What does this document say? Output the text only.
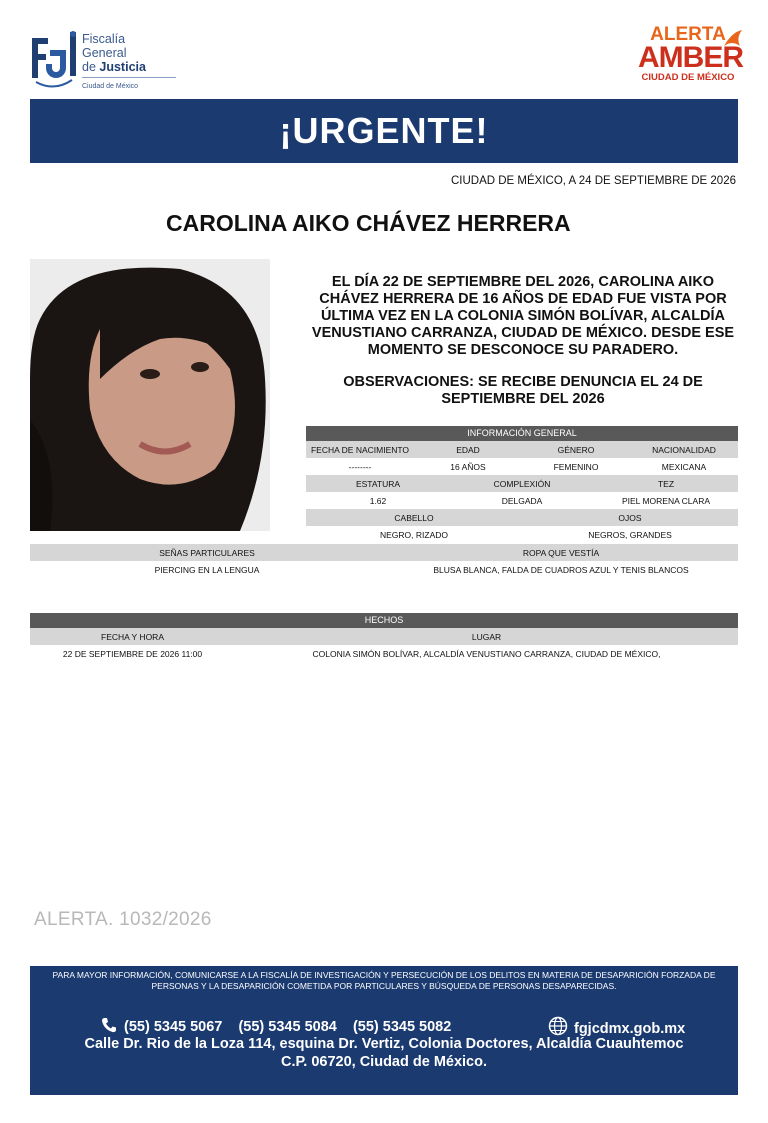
Fiscalía
General
de Justicia
Ciudad de México
ALERTA
AMBER
CIUDAD DE MÉXICO
¡URGENTE!
CIUDAD DE MÉXICO, A 24 DE SEPTIEMBRE DE 2026
CAROLINA AIKO CHÁVEZ HERRERA
EL DÍA 22 DE SEPTIEMBRE DEL 2026, CAROLINA AIKO CHÁVEZ HERRERA DE 16 AÑOS DE EDAD FUE VISTA POR ÚLTIMA VEZ EN LA COLONIA SIMÓN BOLÍVAR, ALCALDÍA VENUSTIANO CARRANZA, CIUDAD DE MÉXICO. DESDE ESE MOMENTO SE DESCONOCE SU PARADERO.
OBSERVACIONES: SE RECIBE DENUNCIA EL 24 DE SEPTIEMBRE DEL 2026
INFORMACIÓN GENERAL
FECHA DE NACIMIENTO	EDAD	GÉNERO	NACIONALIDAD
--------	16 AÑOS	FEMENINO	MEXICANA
ESTATURA	COMPLEXIÓN	TEZ
1.62	DELGADA	PIEL MORENA CLARA
CABELLO	OJOS
NEGRO, RIZADO	NEGROS, GRANDES
SEÑAS PARTICULARES	ROPA QUE VESTÍA
PIERCING EN LA LENGUA	BLUSA BLANCA, FALDA DE CUADROS AZUL Y TENIS BLANCOS
HECHOS
FECHA Y HORA	LUGAR
22 DE SEPTIEMBRE DE 2026 11:00	COLONIA SIMÓN BOLÍVAR, ALCALDÍA VENUSTIANO CARRANZA, CIUDAD DE MÉXICO,
ALERTA. 1032/2026
PARA MAYOR INFORMACIÓN, COMUNICARSE A LA FISCALÍA DE INVESTIGACIÓN Y PERSECUCIÓN DE LOS DELITOS EN MATERIA DE DESAPARICIÓN FORZADA DE PERSONAS Y LA DESAPARICIÓN COMETIDA POR PARTICULARES Y BÚSQUEDA DE PERSONAS DESAPARECIDAS.
(55) 5345 5067    (55) 5345 5084    (55) 5345 5082	fgjcdmx.gob.mx
Calle Dr. Rio de la Loza 114, esquina Dr. Vertiz, Colonia Doctores, Alcaldía Cuauhtemoc
C.P. 06720, Ciudad de México.
